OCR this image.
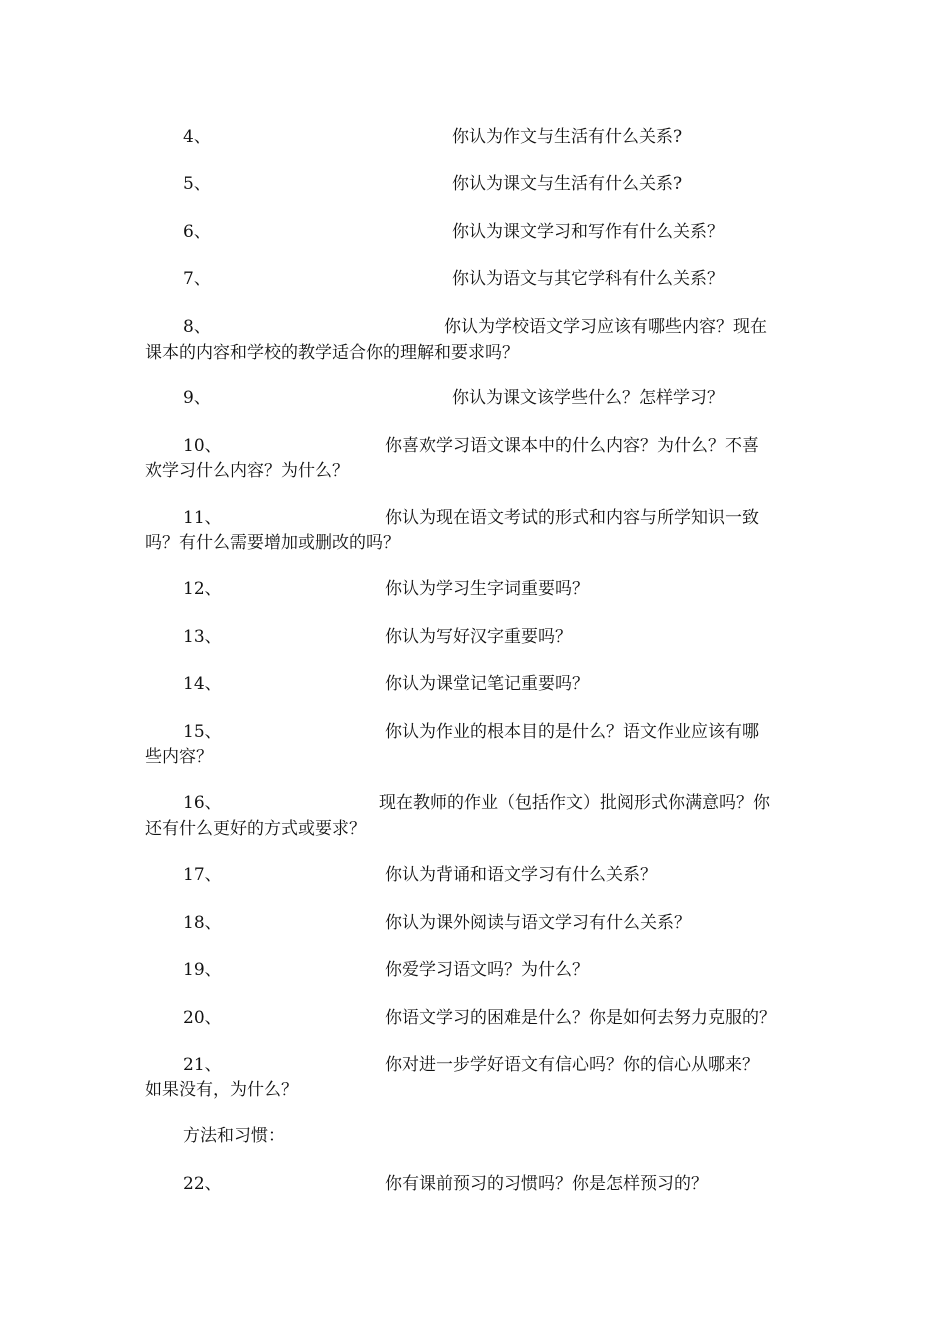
4、	你认为作文与生活有什么关系?
5、	你认为课文与生活有什么关系?
6、	你认为课文学习和写作有什么关系？
7、	你认为语文与其它学科有什么关系？
8、	你认为学校语文学习应该有哪些内容？现在
课本的内容和学校的教学适合你的理解和要求吗？
9、	你认为课文该学些什么？怎样学习？
10、	你喜欢学习语文课本中的什么内容？为什么？不喜
欢学习什么内容？为什么？
11、	你认为现在语文考试的形式和内容与所学知识一致
吗？有什么需要增加或删改的吗？
12、	你认为学习生字词重要吗？
13、	你认为写好汉字重要吗？
14、	你认为课堂记笔记重要吗？
15、	你认为作业的根本目的是什么？语文作业应该有哪
些内容？
16、	现在教师的作业（包括作文）批阅形式你满意吗？你
还有什么更好的方式或要求？
17、	你认为背诵和语文学习有什么关系？
18、	你认为课外阅读与语文学习有什么关系？
19、	你爱学习语文吗？为什么？
20、	你语文学习的困难是什么？你是如何去努力克服的？
21、	你对进一步学好语文有信心吗？你的信心从哪来？
如果没有，为什么？
方法和习惯：
22、	你有课前预习的习惯吗？你是怎样预习的？
